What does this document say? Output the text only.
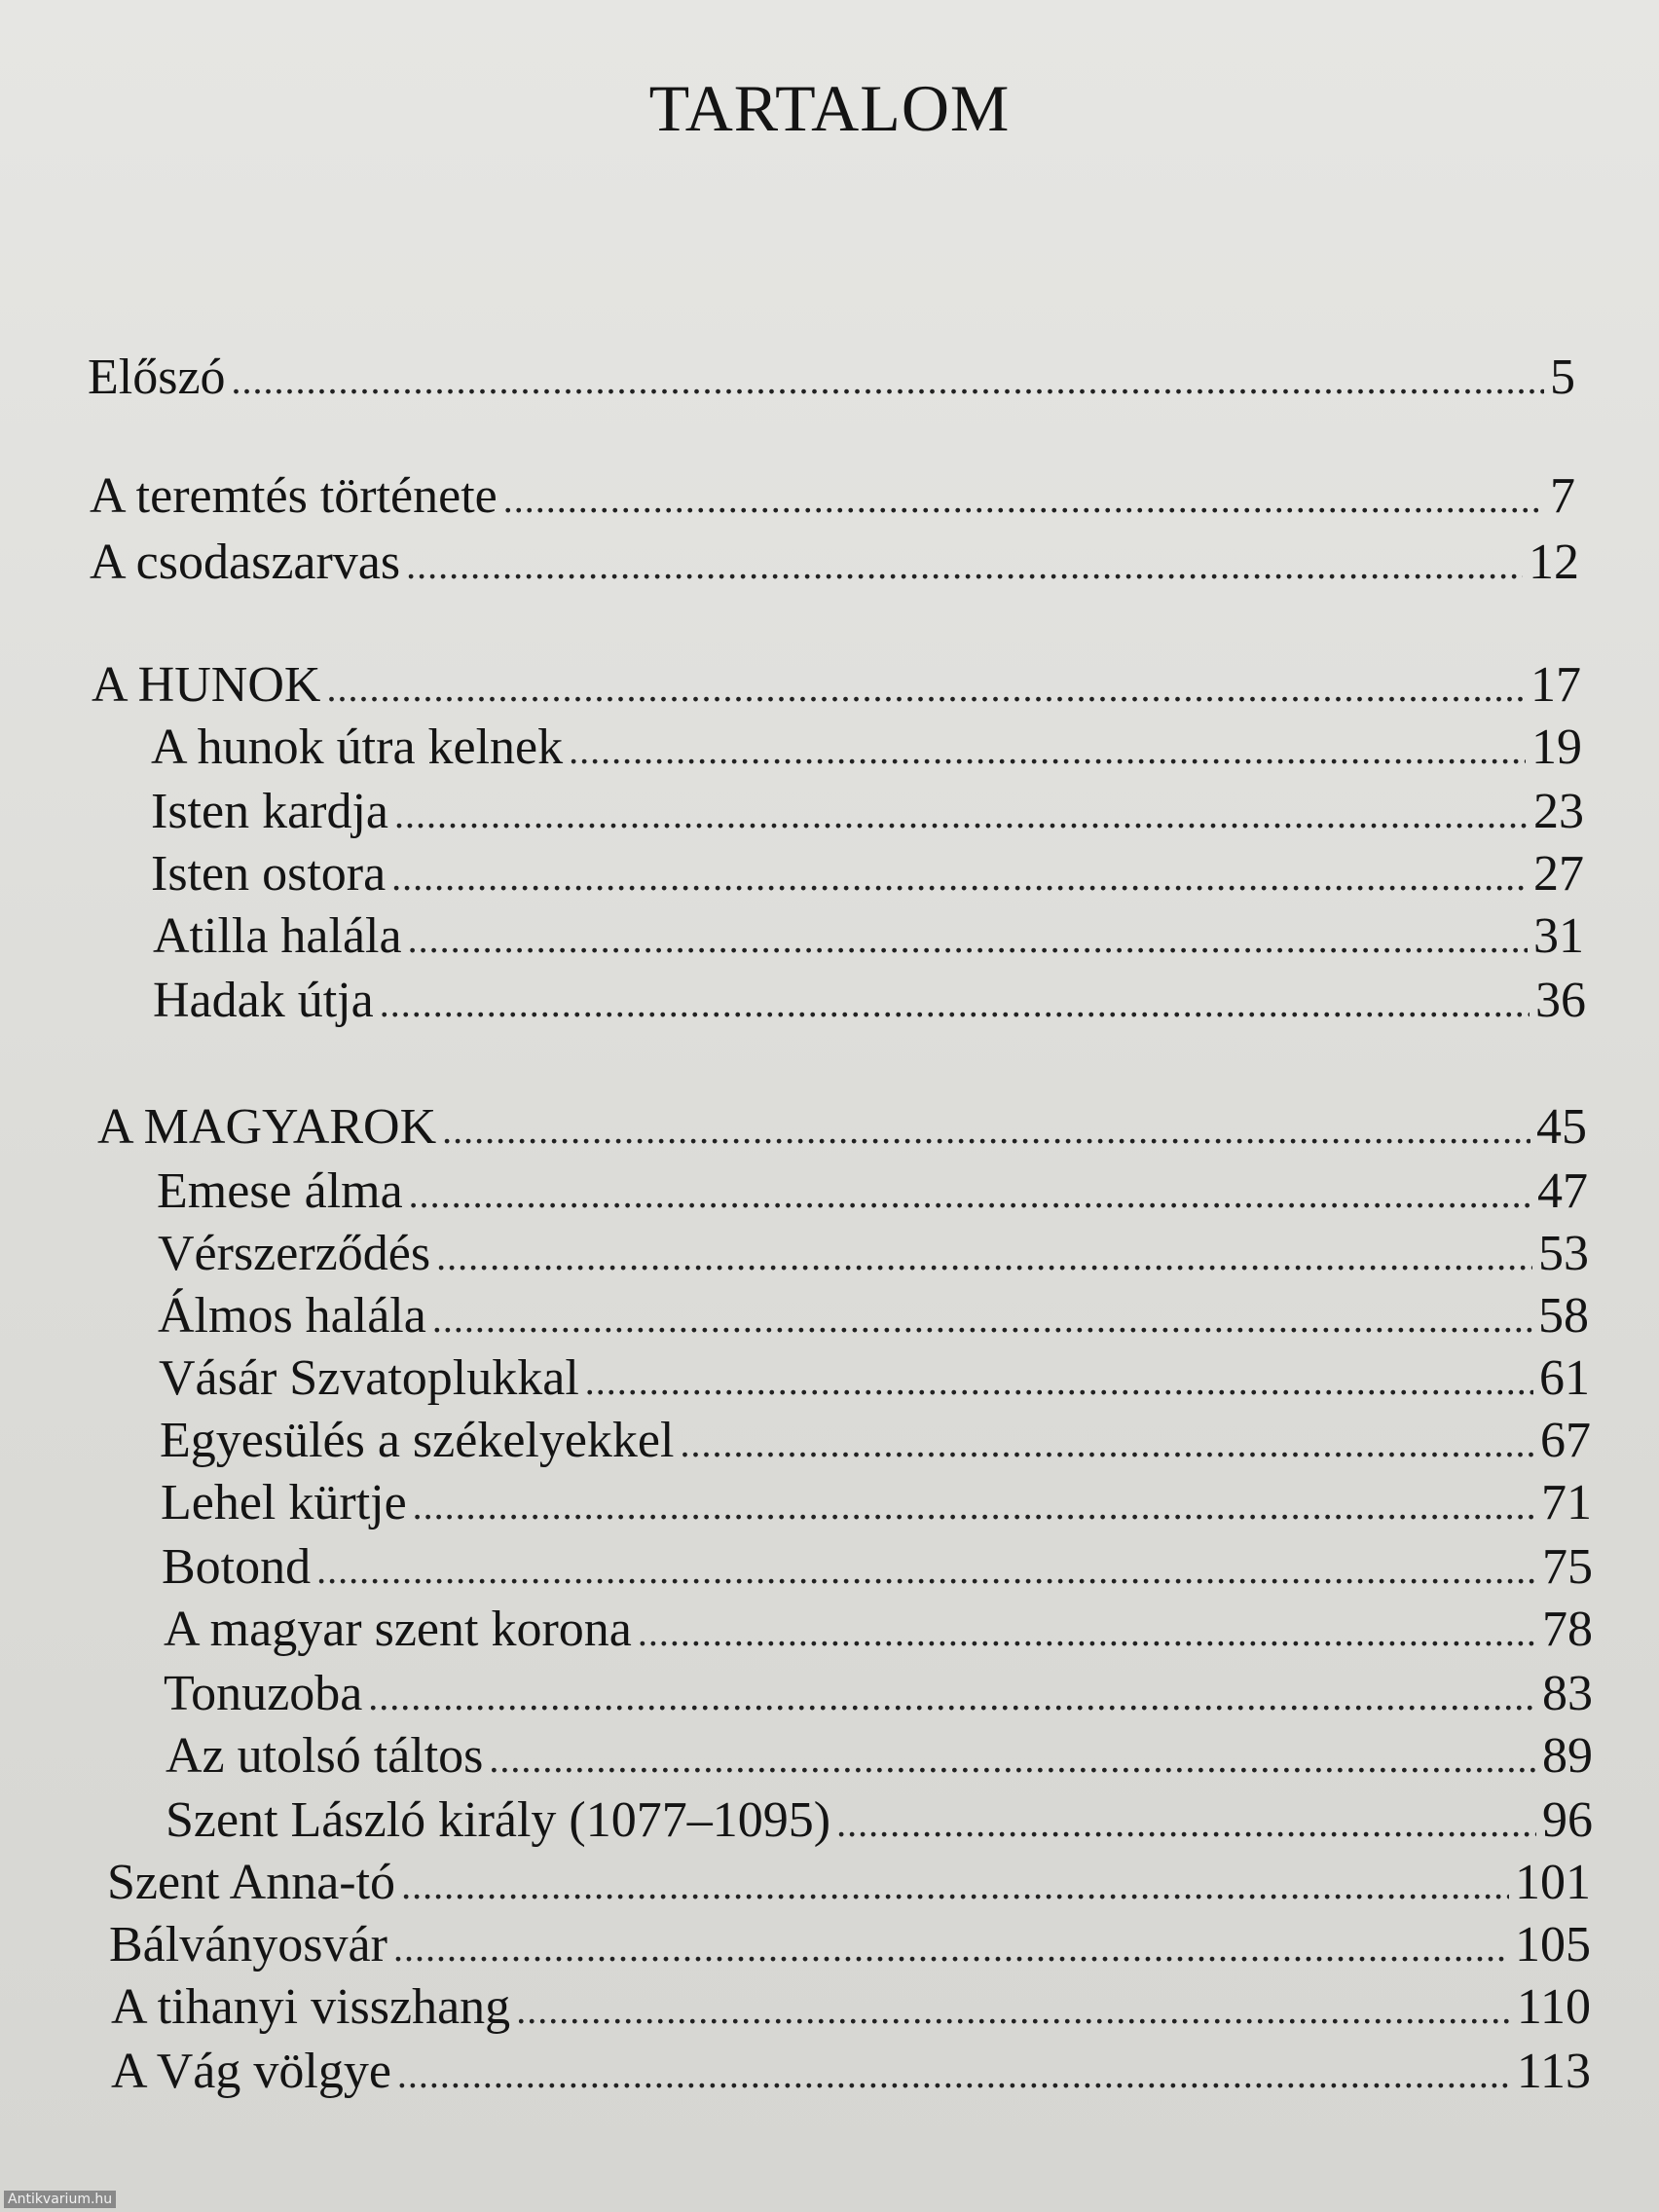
TARTALOM
Előszó .....	5
A teremtés története .....	7
A csodaszarvas .....	12
A HUNOK .....	17
A hunok útra kelnek .....	19
Isten kardja .....	23
Isten ostora .....	27
Atilla halála .....	31
Hadak útja .....	36
A MAGYAROK .....	45
Emese álma .....	47
Vérszerződés .....	53
Álmos halála .....	58
Vásár Szvatoplukkal .....	61
Egyesülés a székelyekkel .....	67
Lehel kürtje .....	71
Botond .....	75
A magyar szent korona .....	78
Tonuzoba .....	83
Az utolsó táltos .....	89
Szent László király (1077–1095) .....	96
Szent Anna-tó .....	101
Bálványosvár .....	105
A tihanyi visszhang .....	110
A Vág völgye .....	113
Antikvarium.hu
